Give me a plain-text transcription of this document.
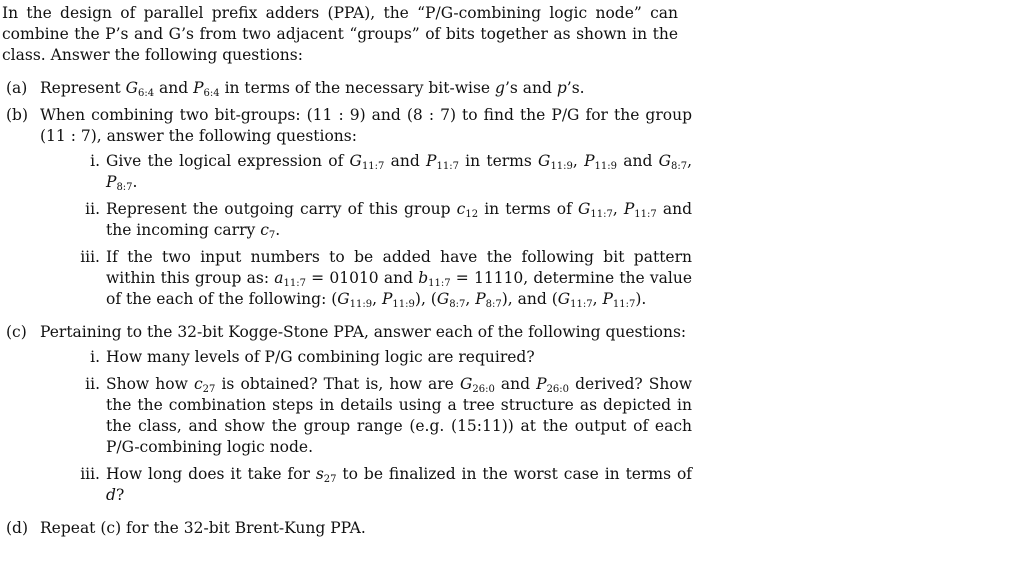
In the design of parallel prefix adders (PPA), the “P/G-combining logic node” can combine the P’s and G’s from two adjacent “groups” of bits together as shown in the class. Answer the following questions:

(a) Represent $G_{6:4}$ and $P_{6:4}$ in terms of the necessary bit-wise g’s and p’s.
(b) When combining two bit-groups: (11 : 9) and (8 : 7) to find the P/G for the group (11 : 7), answer the following questions:
i. Give the logical expression of $G_{11:7}$ and $P_{11:7}$ in terms $G_{11:9}$, $P_{11:9}$ and $G_{8:7}$, $P_{8:7}$.
ii. Represent the outgoing carry of this group $c_{12}$ in terms of $G_{11:7}$, $P_{11:7}$ and the incoming carry $c_7$.
iii. If the two input numbers to be added have the following bit pattern within this group as: $a_{11:7} = 01010$ and $b_{11:7} = 11110$, determine the value of the each of the following: ($G_{11:9}$, $P_{11:9}$), ($G_{8:7}$, $P_{8:7}$), and ($G_{11:7}$, $P_{11:7}$).
(c) Pertaining to the 32-bit Kogge-Stone PPA, answer each of the following questions:
i. How many levels of P/G combining logic are required?
ii. Show how $c_{27}$ is obtained? That is, how are $G_{26:0}$ and $P_{26:0}$ derived? Show the the combination steps in details using a tree structure as depicted in the class, and show the group range (e.g. (15:11)) at the output of each P/G-combining logic node.
iii. How long does it take for $s_{27}$ to be finalized in the worst case in terms of d?
(d) Repeat (c) for the 32-bit Brent-Kung PPA.
